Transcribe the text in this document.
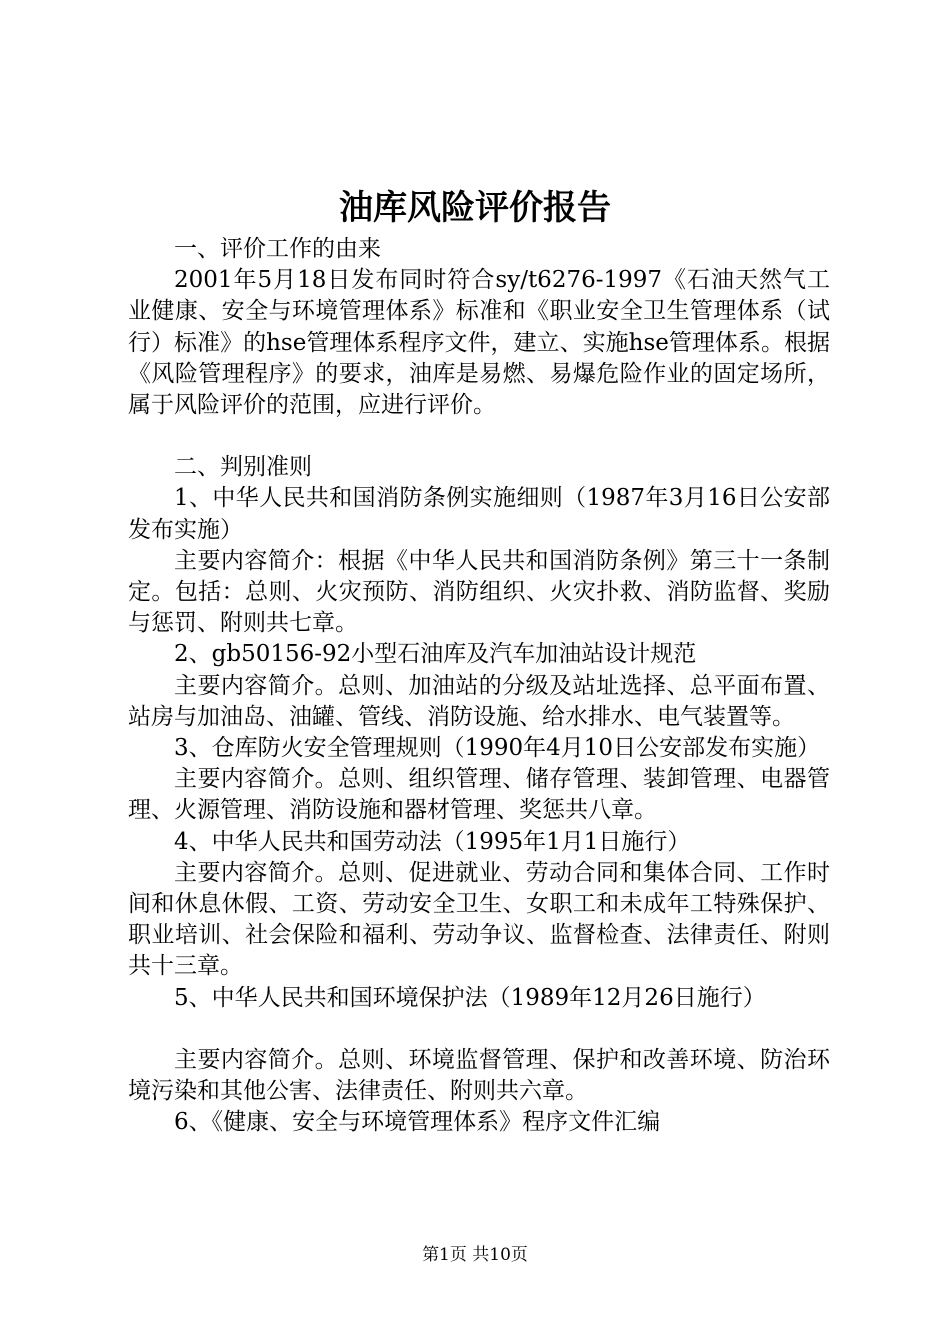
油库风险评价报告

一、评价工作的由来

2001年5月18日发布同时符合sy/t6276-1997《石油天然气工业健康、安全与环境管理体系》标准和《职业安全卫生管理体系（试行）标准》的hse管理体系程序文件，建立、实施hse管理体系。根据《风险管理程序》的要求，油库是易燃、易爆危险作业的固定场所，属于风险评价的范围，应进行评价。

二、判别准则

1、中华人民共和国消防条例实施细则（1987年3月16日公安部发布实施）

主要内容简介：根据《中华人民共和国消防条例》第三十一条制定。包括：总则、火灾预防、消防组织、火灾扑救、消防监督、奖励与惩罚、附则共七章。

2、gb50156-92小型石油库及汽车加油站设计规范

主要内容简介。总则、加油站的分级及站址选择、总平面布置、站房与加油岛、油罐、管线、消防设施、给水排水、电气装置等。

3、仓库防火安全管理规则（1990年4月10日公安部发布实施）

主要内容简介。总则、组织管理、储存管理、装卸管理、电器管理、火源管理、消防设施和器材管理、奖惩共八章。

4、中华人民共和国劳动法（1995年1月1日施行）

主要内容简介。总则、促进就业、劳动合同和集体合同、工作时间和休息休假、工资、劳动安全卫生、女职工和未成年工特殊保护、职业培训、社会保险和福利、劳动争议、监督检查、法律责任、附则共十三章。

5、中华人民共和国环境保护法（1989年12月26日施行）

主要内容简介。总则、环境监督管理、保护和改善环境、防治环境污染和其他公害、法律责任、附则共六章。

6、《健康、安全与环境管理体系》程序文件汇编

第1页 共10页
